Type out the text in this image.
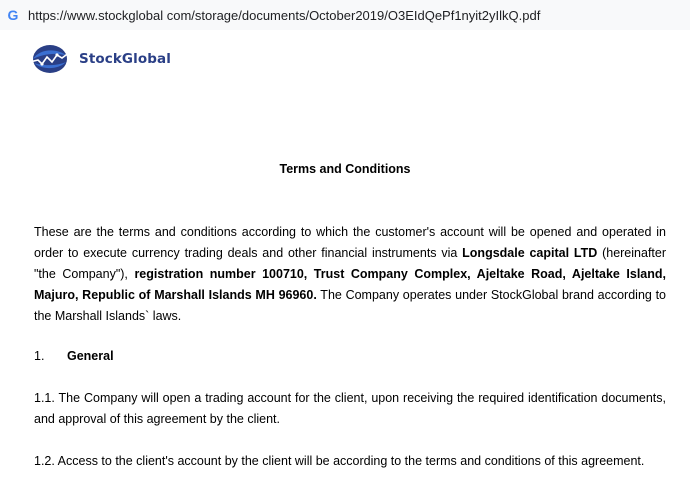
G https://www.stockglobal com/storage/documents/October2019/O3EIdQePf1nyit2yIlkQ.pdf
StockGlobal
Terms and Conditions
These are the terms and conditions according to which the customer's account will be opened and operated in order to execute currency trading deals and other financial instruments via Longsdale capital LTD (hereinafter "the Company"), registration number 100710, Trust Company Complex, Ajeltake Road, Ajeltake Island, Majuro, Republic of Marshall Islands MH 96960. The Company operates under StockGlobal brand according to the Marshall Islands` laws.
1. General
1.1. The Company will open a trading account for the client, upon receiving the required identification documents, and approval of this agreement by the client.
1.2. Access to the client's account by the client will be according to the terms and conditions of this agreement.
